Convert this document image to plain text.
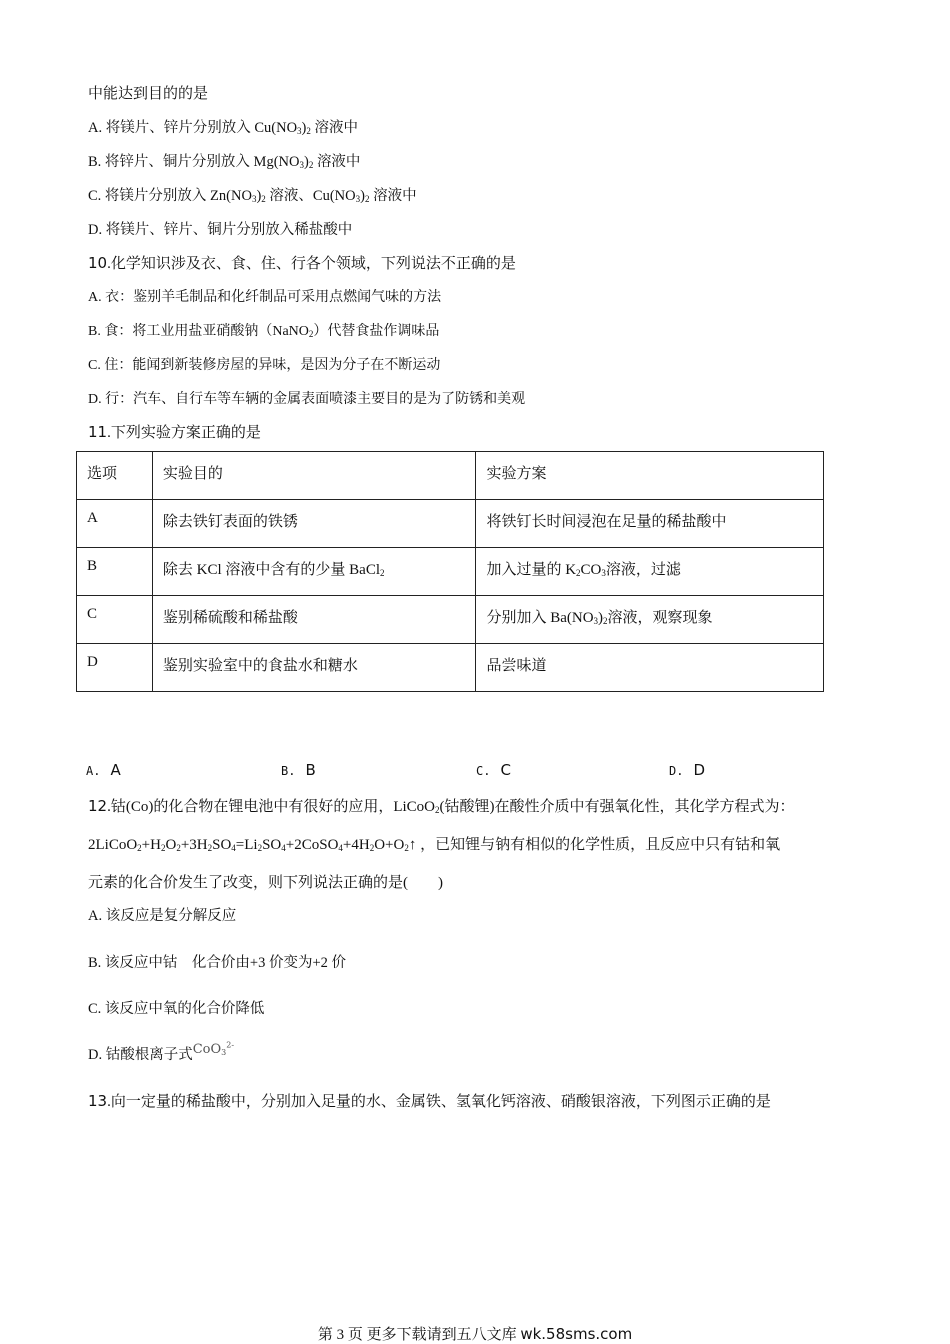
中能达到目的的是
A. 将镁片、锌片分别放入 $Cu(NO_3)_2$ 溶液中
B. 将锌片、铜片分别放入 $Mg(NO_3)_2$ 溶液中
C. 将镁片分别放入 $Zn(NO_3)_2$ 溶液、$Cu(NO_3)_2$ 溶液中
D. 将镁片、锌片、铜片分别放入稀盐酸中
10.化学知识涉及衣、食、住、行各个领域，下列说法不正确的是
A. 衣：鉴别羊毛制品和化纤制品可采用点燃闻气味的方法
B. 食：将工业用盐亚硝酸钠（NaNO$_2$）代替食盐作调味品
C. 住：能闻到新装修房屋的异味，是因为分子在不断运动
D. 行：汽车、自行车等车辆的金属表面喷漆主要目的是为了防锈和美观
11.下列实验方案正确的是
选项	实验目的	实验方案
A	除去铁钉表面的铁锈	将铁钉长时间浸泡在足量的稀盐酸中
B	除去 KCl 溶液中含有的少量 BaCl$_2$	加入过量的 $K_2CO_3$溶液，过滤
C	鉴别稀硫酸和稀盐酸	分别加入 $Ba(NO_3)_2$溶液，观察现象
D	鉴别实验室中的食盐水和糖水	品尝味道
A. A	B. B	C. C	D. D
12.钴(Co)的化合物在锂电池中有很好的应用，LiCoO$_2$(钴酸锂)在酸性介质中有强氧化性，其化学方程式为：
$2LiCoO_2+H_2O_2+3H_2SO_4=Li_2SO_4+2CoSO_4+4H_2O+O_2↑$ ，已知锂与钠有相似的化学性质，且反应中只有钴和氧
元素的化合价发生了改变，则下列说法正确的是(　　)
A. 该反应是复分解反应
B. 该反应中钴　化合价由+3 价变为+2 价
C. 该反应中氧的化合价降低
D. 钴酸根离子式CoO$_3^{2-}$
13.向一定量的稀盐酸中，分别加入足量的水、金属铁、氢氧化钙溶液、硝酸银溶液，下列图示正确的是
第 3 页 更多下载请到五八文库 wk.58sms.com
